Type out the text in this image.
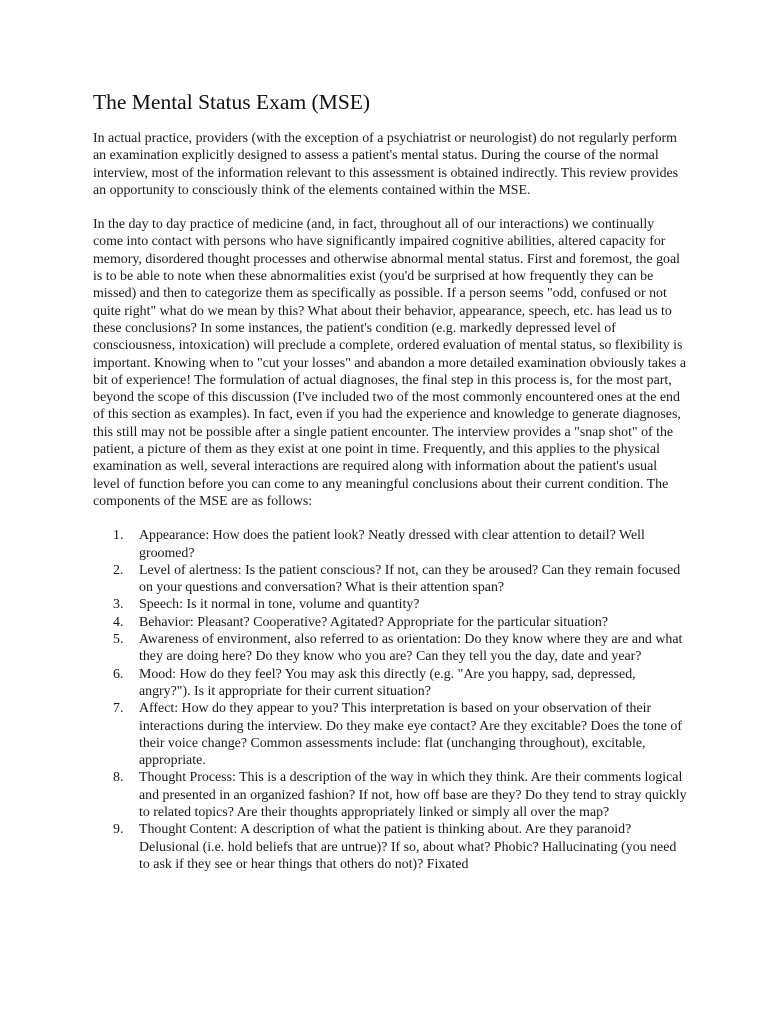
The Mental Status Exam (MSE)

In actual practice, providers (with the exception of a psychiatrist or neurologist) do not regularly perform an examination explicitly designed to assess a patient's mental status. During the course of the normal interview, most of the information relevant to this assessment is obtained indirectly. This review provides an opportunity to consciously think of the elements contained within the MSE.

In the day to day practice of medicine (and, in fact, throughout all of our interactions) we continually come into contact with persons who have significantly impaired cognitive abilities, altered capacity for memory, disordered thought processes and otherwise abnormal mental status. First and foremost, the goal is to be able to note when these abnormalities exist (you'd be surprised at how frequently they can be missed) and then to categorize them as specifically as possible. If a person seems "odd, confused or not quite right" what do we mean by this? What about their behavior, appearance, speech, etc. has lead us to these conclusions? In some instances, the patient's condition (e.g. markedly depressed level of consciousness, intoxication) will preclude a complete, ordered evaluation of mental status, so flexibility is important. Knowing when to "cut your losses" and abandon a more detailed examination obviously takes a bit of experience! The formulation of actual diagnoses, the final step in this process is, for the most part, beyond the scope of this discussion (I've included two of the most commonly encountered ones at the end of this section as examples). In fact, even if you had the experience and knowledge to generate diagnoses, this still may not be possible after a single patient encounter. The interview provides a "snap shot" of the patient, a picture of them as they exist at one point in time. Frequently, and this applies to the physical examination as well, several interactions are required along with information about the patient's usual level of function before you can come to any meaningful conclusions about their current condition. The components of the MSE are as follows:

1. Appearance: How does the patient look? Neatly dressed with clear attention to detail? Well groomed?
2. Level of alertness: Is the patient conscious? If not, can they be aroused? Can they remain focused on your questions and conversation? What is their attention span?
3. Speech: Is it normal in tone, volume and quantity?
4. Behavior: Pleasant? Cooperative? Agitated? Appropriate for the particular situation?
5. Awareness of environment, also referred to as orientation: Do they know where they are and what they are doing here? Do they know who you are? Can they tell you the day, date and year?
6. Mood: How do they feel? You may ask this directly (e.g. "Are you happy, sad, depressed, angry?"). Is it appropriate for their current situation?
7. Affect: How do they appear to you? This interpretation is based on your observation of their interactions during the interview. Do they make eye contact? Are they excitable? Does the tone of their voice change? Common assessments include: flat (unchanging throughout), excitable, appropriate.
8. Thought Process: This is a description of the way in which they think. Are their comments logical and presented in an organized fashion? If not, how off base are they? Do they tend to stray quickly to related topics? Are their thoughts appropriately linked or simply all over the map?
9. Thought Content: A description of what the patient is thinking about. Are they paranoid? Delusional (i.e. hold beliefs that are untrue)? If so, about what? Phobic? Hallucinating (you need to ask if they see or hear things that others do not)? Fixated
